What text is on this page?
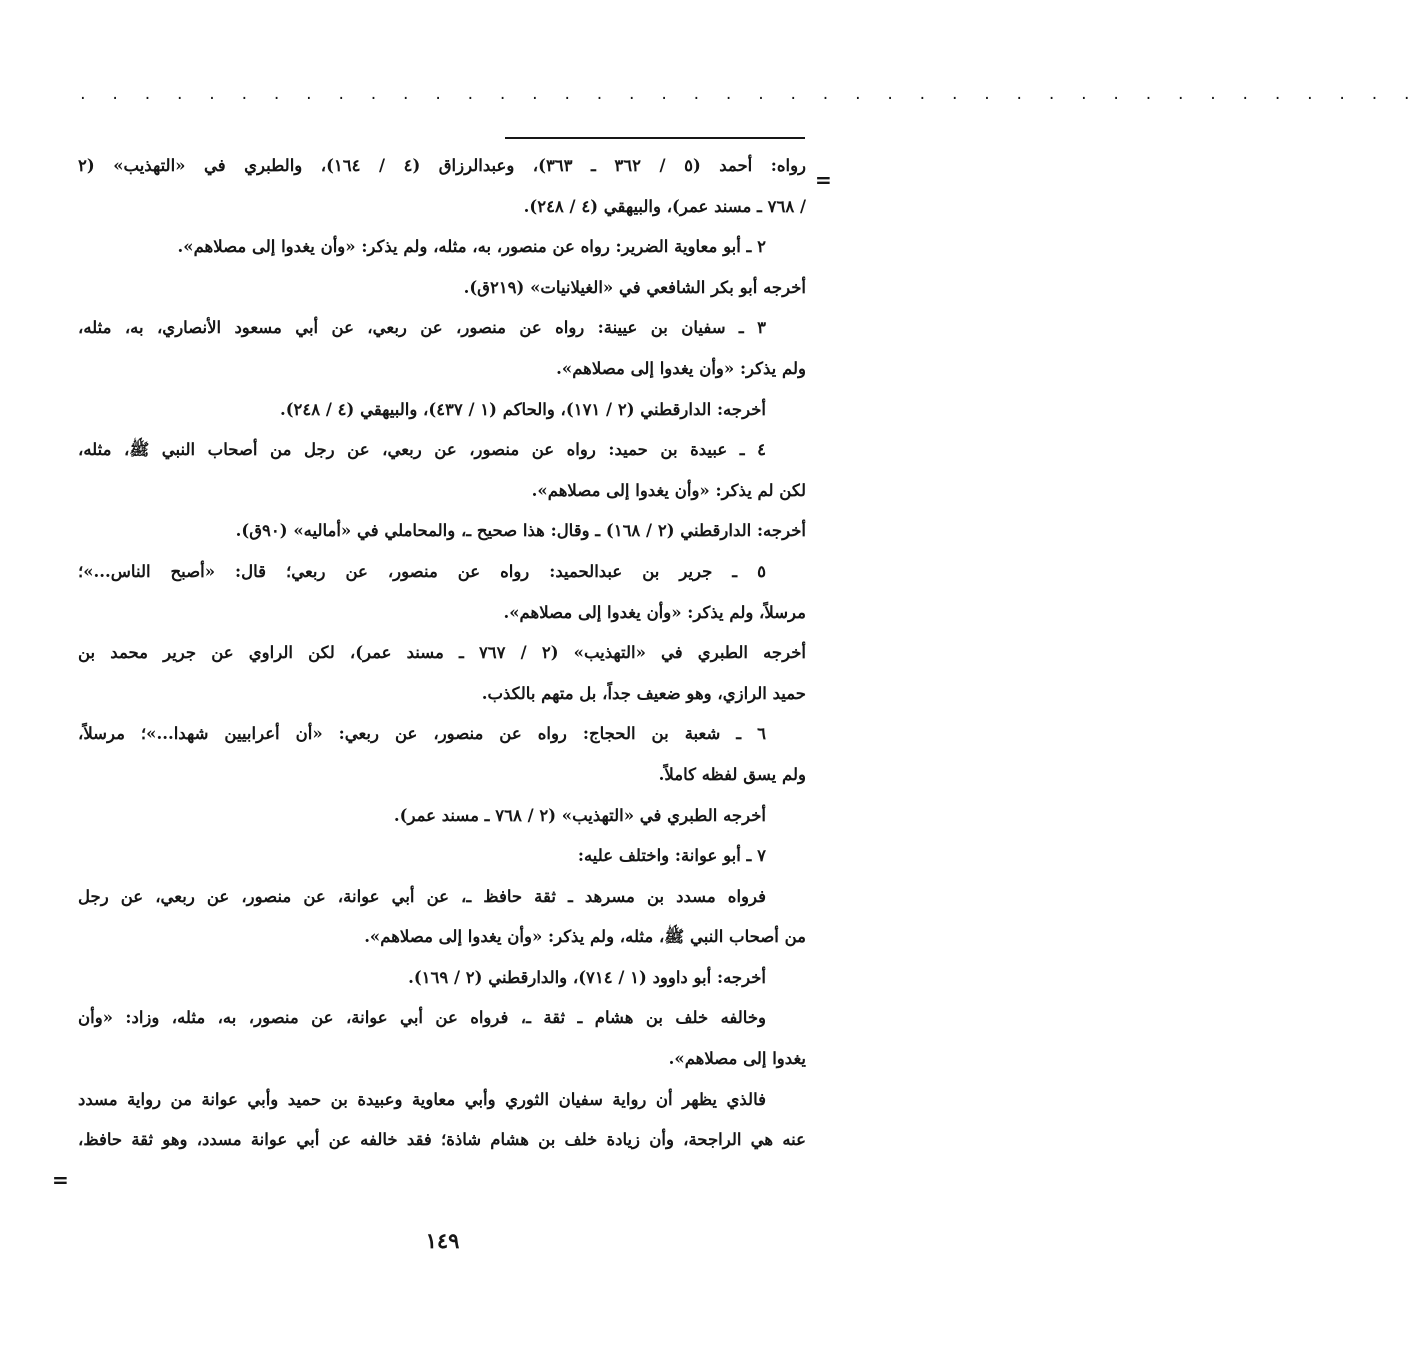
․ ․ ․ ․ ․ ․ ․ ․ ․ ․ ․ ․ ․ ․ ․ ․ ․ ․ ․ ․ ․ ․ ․ ․ ․ ․ ․ ․ ․ ․ ․ ․ ․ ․ ․ ․ ․ ․ ․ ․ ․ ․
=
=
رواه: أحمد (٥ / ٣٦٢ ـ ٣٦٣)، وعبدالرزاق (٤ / ١٦٤)، والطبري في «التهذيب» (٢
/ ٧٦٨ ـ مسند عمر)، والبيهقي (٤ / ٢٤٨).
٢ ـ أبو معاوية الضرير: رواه عن منصور، به، مثله، ولم يذكر: «وأن يغدوا إلى مصلاهم».
أخرجه أبو بكر الشافعي في «الغيلانيات» (٢١٩ق).
٣ ـ سفيان بن عيينة: رواه عن منصور، عن ربعي، عن أبي مسعود الأنصاري، به، مثله،
ولم يذكر: «وأن يغدوا إلى مصلاهم».
أخرجه: الدارقطني (٢ / ١٧١)، والحاكم (١ / ٤٣٧)، والبيهقي (٤ / ٢٤٨).
٤ ـ عبيدة بن حميد: رواه عن منصور، عن ربعي، عن رجل من أصحاب النبي ﷺ، مثله،
لكن لم يذكر: «وأن يغدوا إلى مصلاهم».
أخرجه: الدارقطني (٢ / ١٦٨) ـ وقال: هذا صحيح ـ، والمحاملي في «أماليه» (٩٠ق).
٥ ـ جرير بن عبدالحميد: رواه عن منصور، عن ربعي؛ قال: «أصبح الناس...»؛
مرسلاً، ولم يذكر: «وأن يغدوا إلى مصلاهم».
أخرجه الطبري في «التهذيب» (٢ / ٧٦٧ ـ مسند عمر)، لكن الراوي عن جرير محمد بن
حميد الرازي، وهو ضعيف جداً، بل متهم بالكذب.
٦ ـ شعبة بن الحجاج: رواه عن منصور، عن ربعي: «أن أعرابيين شهدا...»؛ مرسلاً،
ولم يسق لفظه كاملاً.
أخرجه الطبري في «التهذيب» (٢ / ٧٦٨ ـ مسند عمر).
٧ ـ أبو عوانة: واختلف عليه:
فرواه مسدد بن مسرهد ـ ثقة حافظ ـ، عن أبي عوانة، عن منصور، عن ربعي، عن رجل
من أصحاب النبي ﷺ، مثله، ولم يذكر: «وأن يغدوا إلى مصلاهم».
أخرجه: أبو داوود (١ / ٧١٤)، والدارقطني (٢ / ١٦٩).
وخالفه خلف بن هشام ـ ثقة ـ، فرواه عن أبي عوانة، عن منصور، به، مثله، وزاد: «وأن
يغدوا إلى مصلاهم».
فالذي يظهر أن رواية سفيان الثوري وأبي معاوية وعبيدة بن حميد وأبي عوانة من رواية مسدد
عنه هي الراجحة، وأن زيادة خلف بن هشام شاذة؛ فقد خالفه عن أبي عوانة مسدد، وهو ثقة حافظ،
١٤٩
